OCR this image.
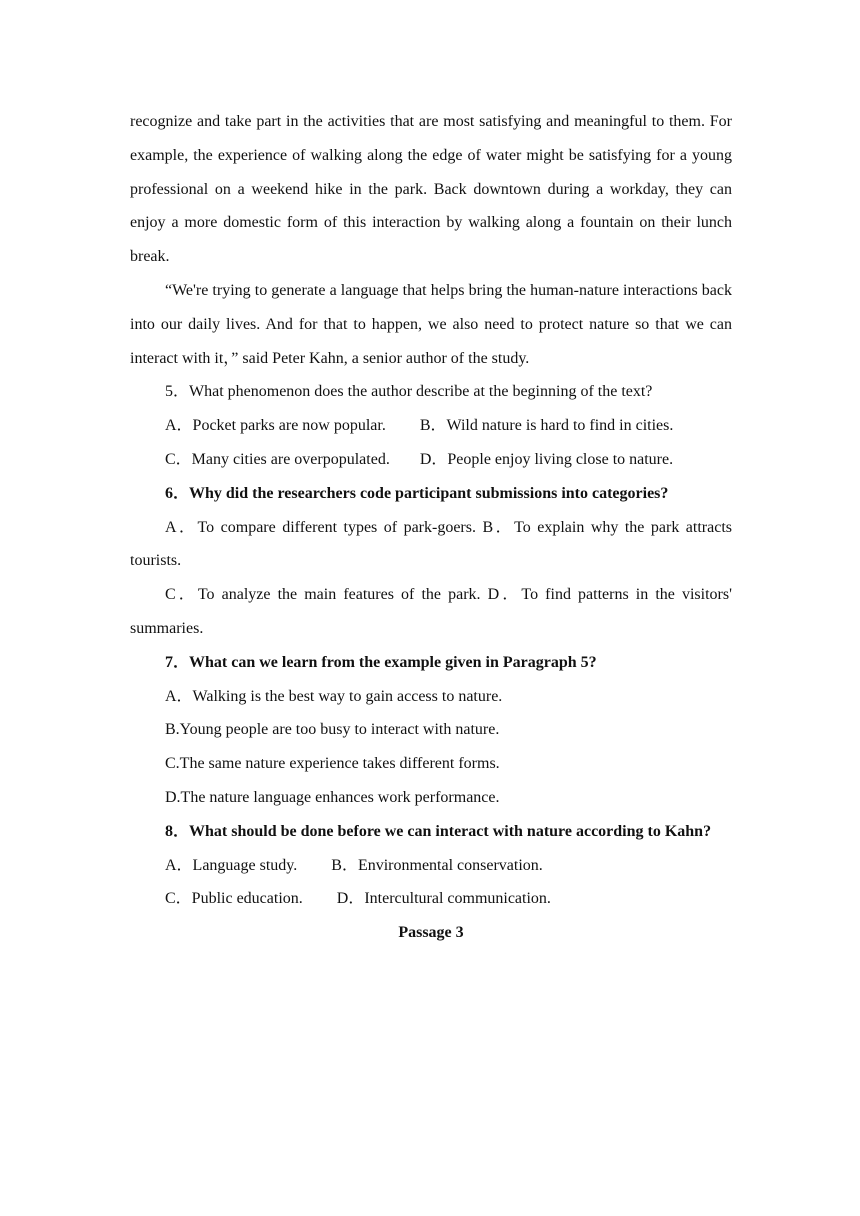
recognize and take part in the activities that are most satisfying and meaningful to them. For example, the experience of walking along the edge of water might be satisfying for a young professional on a weekend hike in the park. Back downtown during a workday, they can enjoy a more domestic form of this interaction by walking along a fountain on their lunch break.

“We're trying to generate a language that helps bring the human-nature interactions back into our daily lives. And for that to happen, we also need to protect nature so that we can interact with it，” said Peter Kahn, a senior author of the study.

5．What phenomenon does the author describe at the beginning of the text?

A．Pocket parks are now popular. B．Wild nature is hard to find in cities.

C．Many cities are overpopulated. D．People enjoy living close to nature.

6．Why did the researchers code participant submissions into categories?

A．To compare different types of park-goers. B．To explain why the park attracts tourists.

C．To analyze the main features of the park. D．To find patterns in the visitors' summaries.

7．What can we learn from the example given in Paragraph 5?

A．Walking is the best way to gain access to nature.

B.Young people are too busy to interact with nature.

C.The same nature experience takes different forms.

D.The nature language enhances work performance.

8．What should be done before we can interact with nature according to Kahn?

A．Language study. B．Environmental conservation.

C．Public education. D．Intercultural communication.

Passage 3
